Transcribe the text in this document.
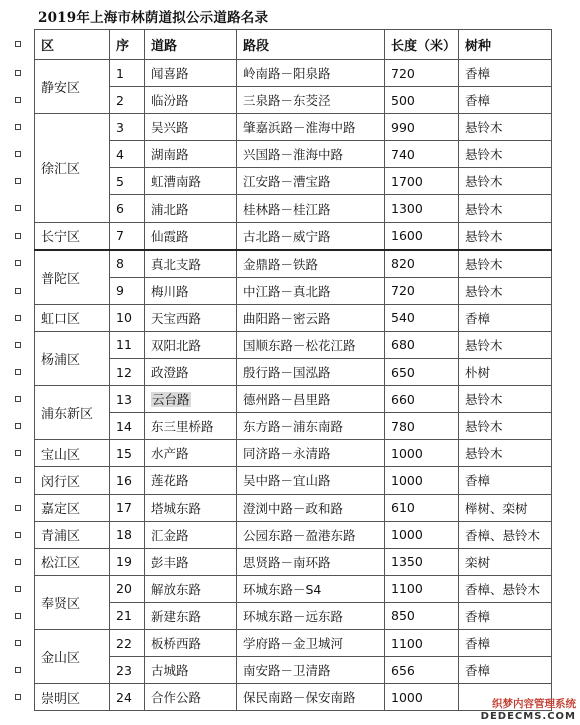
2019年上海市林荫道拟公示道路名录
区	序	道路	路段	长度（米）	树种
静安区	1	闻喜路	岭南路－阳泉路	720	香樟
	2	临汾路	三泉路－东茭泾	500	香樟
徐汇区	3	吴兴路	肇嘉浜路－淮海中路	990	悬铃木
	4	湖南路	兴国路－淮海中路	740	悬铃木
	5	虹漕南路	江安路－漕宝路	1700	悬铃木
	6	浦北路	桂林路－桂江路	1300	悬铃木
长宁区	7	仙霞路	古北路－威宁路	1600	悬铃木
普陀区	8	真北支路	金鼎路－铁路	820	悬铃木
	9	梅川路	中江路－真北路	720	悬铃木
虹口区	10	天宝西路	曲阳路－密云路	540	香樟
杨浦区	11	双阳北路	国顺东路－松花江路	680	悬铃木
	12	政澄路	殷行路－国泓路	650	朴树
浦东新区	13	云台路	德州路－昌里路	660	悬铃木
	14	东三里桥路	东方路－浦东南路	780	悬铃木
宝山区	15	水产路	同济路－永清路	1000	悬铃木
闵行区	16	莲花路	吴中路－宜山路	1000	香樟
嘉定区	17	塔城东路	澄浏中路－政和路	610	榉树、栾树
青浦区	18	汇金路	公园东路－盈港东路	1000	香樟、悬铃木
松江区	19	彭丰路	思贤路－南环路	1350	栾树
奉贤区	20	解放东路	环城东路－S4	1100	香樟、悬铃木
	21	新建东路	环城东路－远东路	850	香樟
金山区	22	板桥西路	学府路－金卫城河	1100	香樟
	23	古城路	南安路－卫清路	656	香樟
崇明区	24	合作公路	保民南路－保安南路	1000		织梦内容管理系统
DEDECMS.COM
